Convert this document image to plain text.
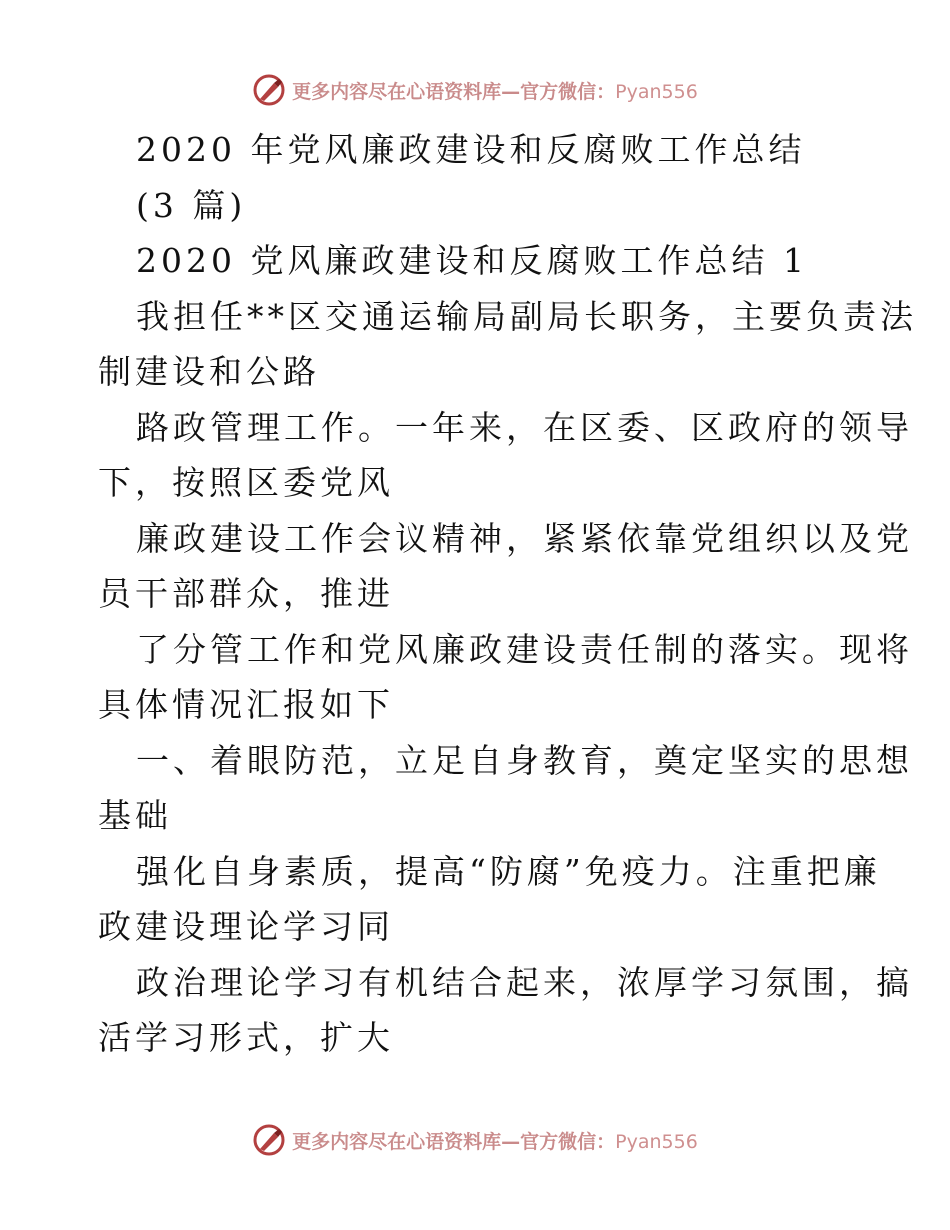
更多内容尽在心语资料库—官方微信：Pyan556
2020 年党风廉政建设和反腐败工作总结
(3 篇)
2020 党风廉政建设和反腐败工作总结 1
我担任**区交通运输局副局长职务，主要负责法
制建设和公路
路政管理工作。一年来，在区委、区政府的领导
下，按照区委党风
廉政建设工作会议精神，紧紧依靠党组织以及党
员干部群众，推进
了分管工作和党风廉政建设责任制的落实。现将
具体情况汇报如下
一、着眼防范，立足自身教育，奠定坚实的思想
基础
强化自身素质，提高“防腐”免疫力。注重把廉
政建设理论学习同
政治理论学习有机结合起来，浓厚学习氛围，搞
活学习形式，扩大
更多内容尽在心语资料库—官方微信：Pyan556
